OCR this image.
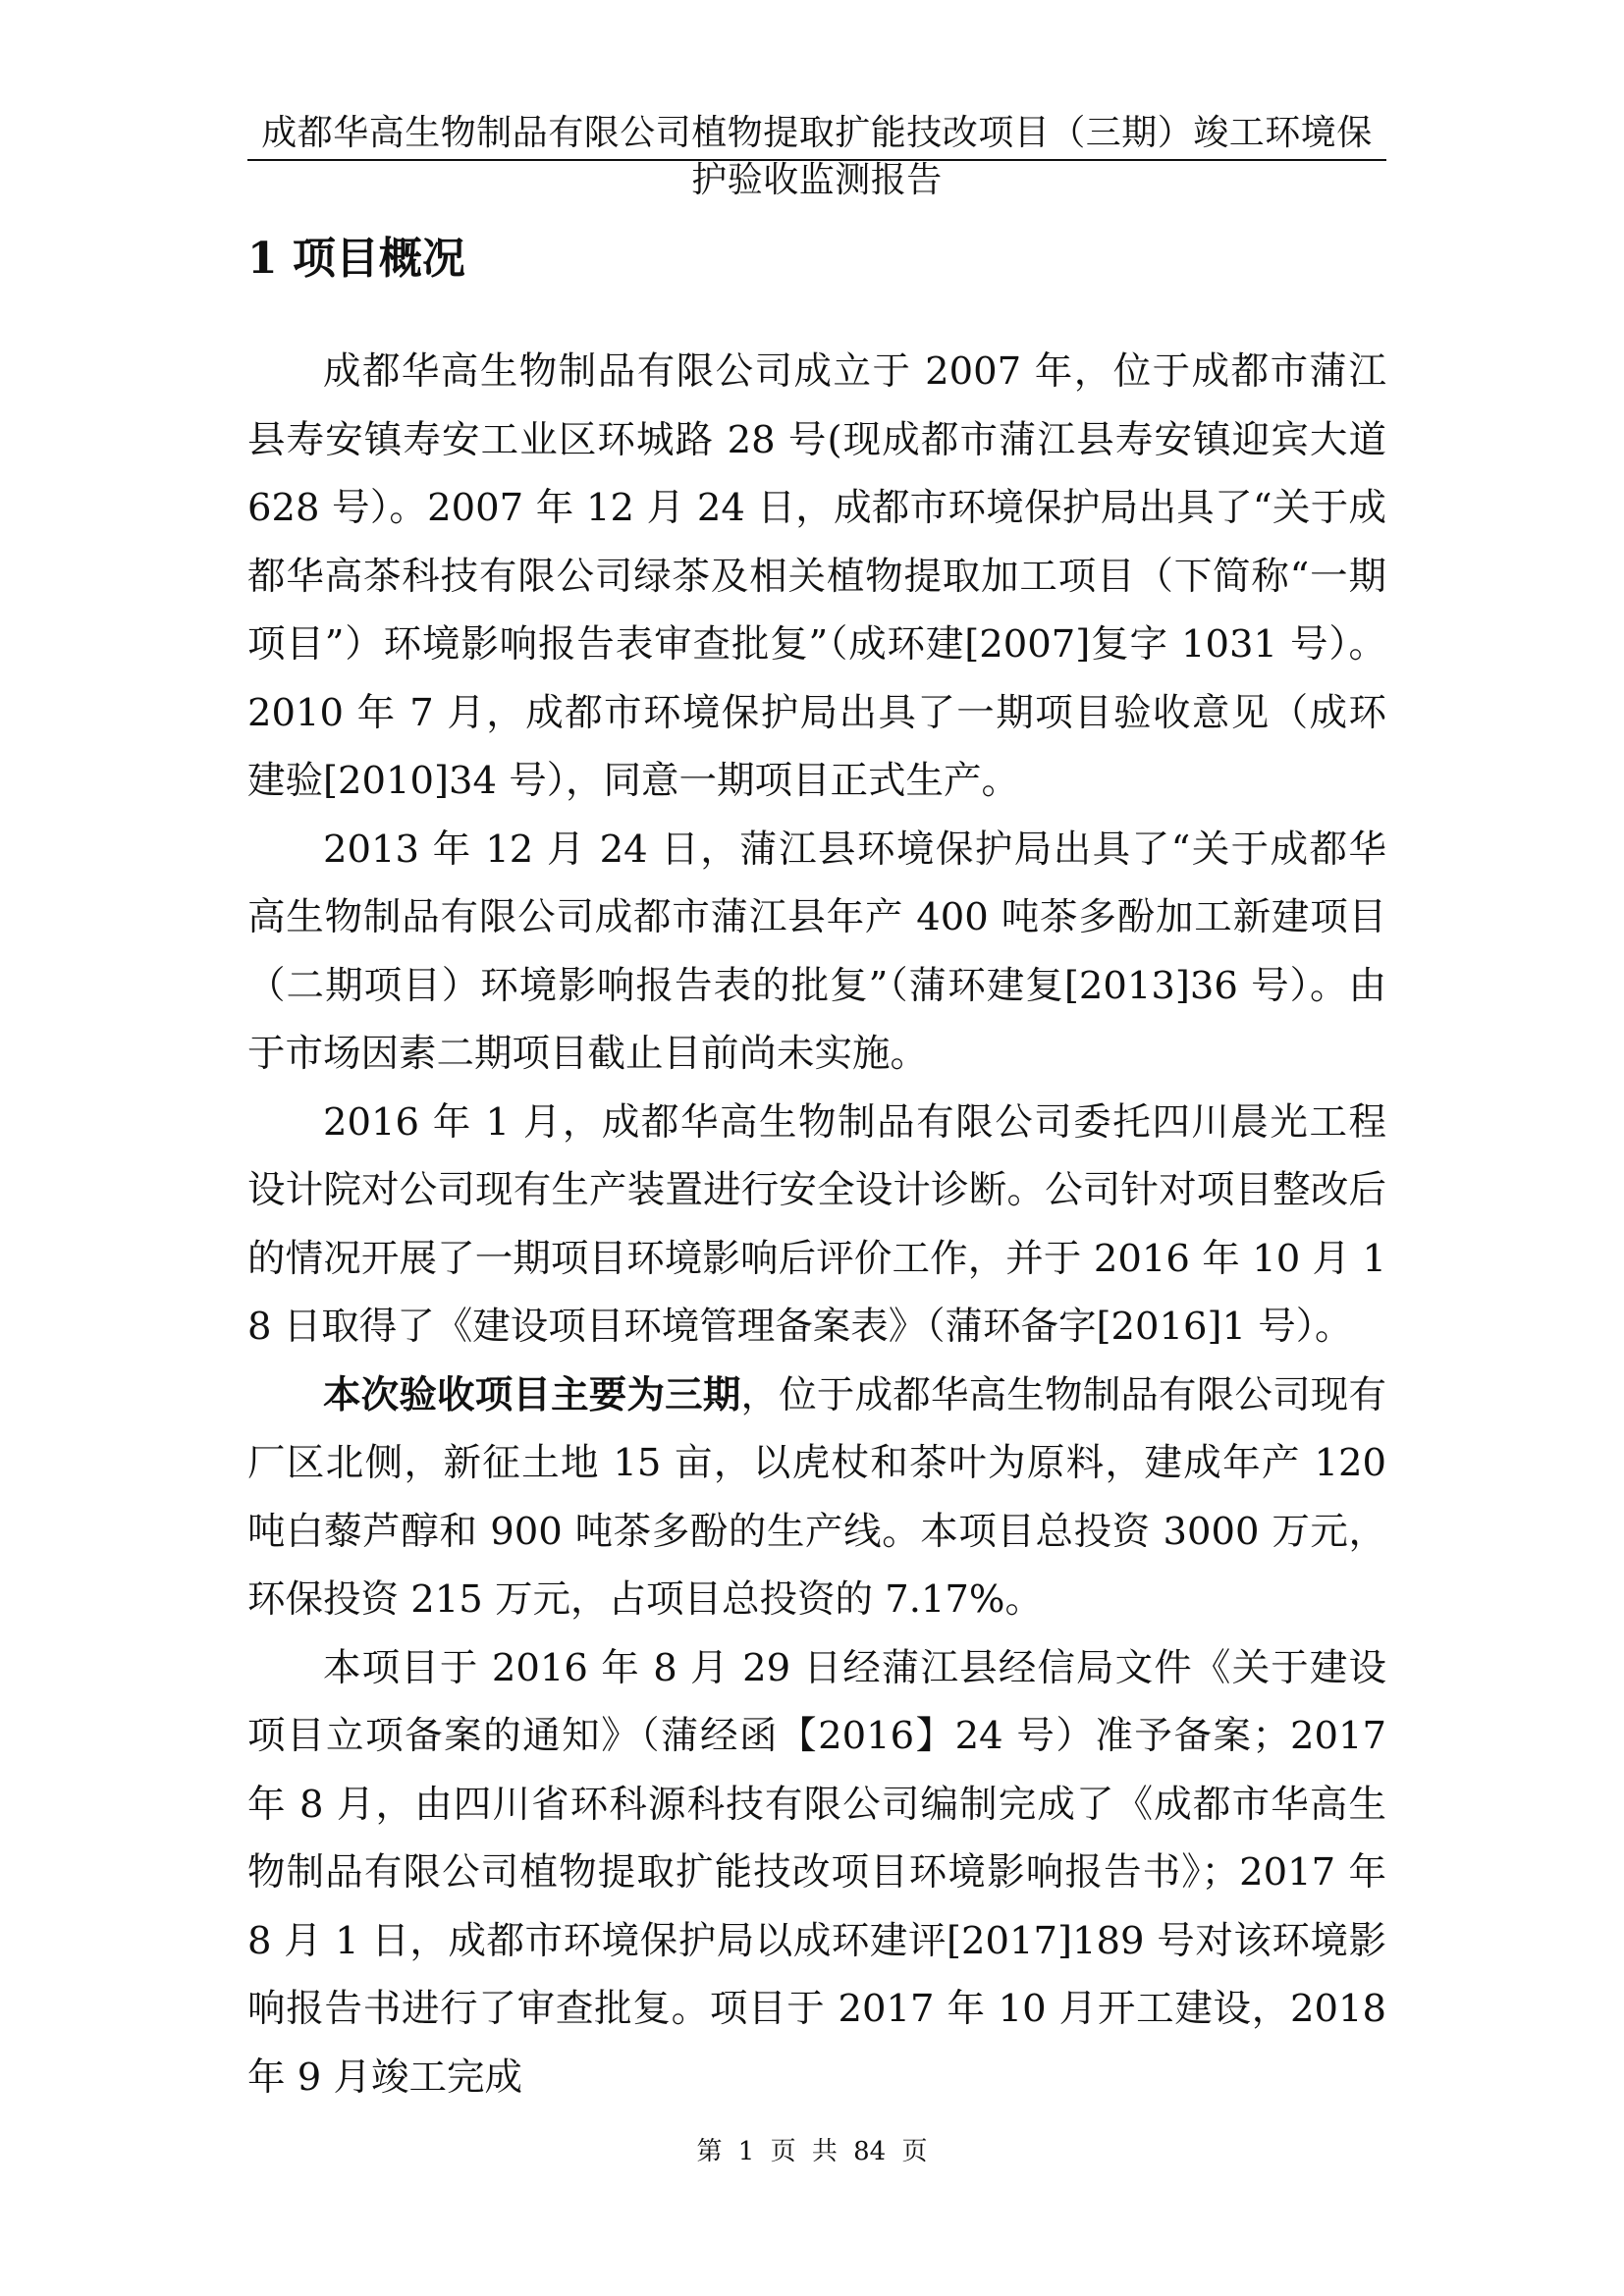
成都华高生物制品有限公司植物提取扩能技改项目（三期）竣工环境保护验收监测报告
1 项目概况

成都华高生物制品有限公司成立于 2007 年，位于成都市蒲江县寿安镇寿安工业区环城路 28 号(现成都市蒲江县寿安镇迎宾大道 628 号）。2007 年 12 月 24 日，成都市环境保护局出具了“关于成都华高茶科技有限公司绿茶及相关植物提取加工项目（下简称“一期项目”）环境影响报告表审查批复”（成环建[2007]复字 1031 号）。2010 年 7 月，成都市环境保护局出具了一期项目验收意见（成环建验[2010]34 号），同意一期项目正式生产。

2013 年 12 月 24 日，蒲江县环境保护局出具了“关于成都华高生物制品有限公司成都市蒲江县年产 400 吨茶多酚加工新建项目（二期项目）环境影响报告表的批复”（蒲环建复[2013]36 号）。由于市场因素二期项目截止目前尚未实施。

2016 年 1 月，成都华高生物制品有限公司委托四川晨光工程设计院对公司现有生产装置进行安全设计诊断。公司针对项目整改后的情况开展了一期项目环境影响后评价工作，并于 2016 年 10 月 18 日取得了《建设项目环境管理备案表》（蒲环备字[2016]1 号）。

本次验收项目主要为三期，位于成都华高生物制品有限公司现有厂区北侧，新征土地 15 亩，以虎杖和茶叶为原料，建成年产 120 吨白藜芦醇和 900 吨茶多酚的生产线。本项目总投资 3000 万元，环保投资 215 万元，占项目总投资的 7.17%。

本项目于 2016 年 8 月 29 日经蒲江县经信局文件《关于建设项目立项备案的通知》（蒲经函【2016】24 号）准予备案；2017 年 8 月，由四川省环科源科技有限公司编制完成了《成都市华高生物制品有限公司植物提取扩能技改项目环境影响报告书》；2017 年 8 月 1 日，成都市环境保护局以成环建评[2017]189 号对该环境影响报告书进行了审查批复。项目于 2017 年 10 月开工建设，2018 年 9 月竣工完成

第 1 页 共 84 页
